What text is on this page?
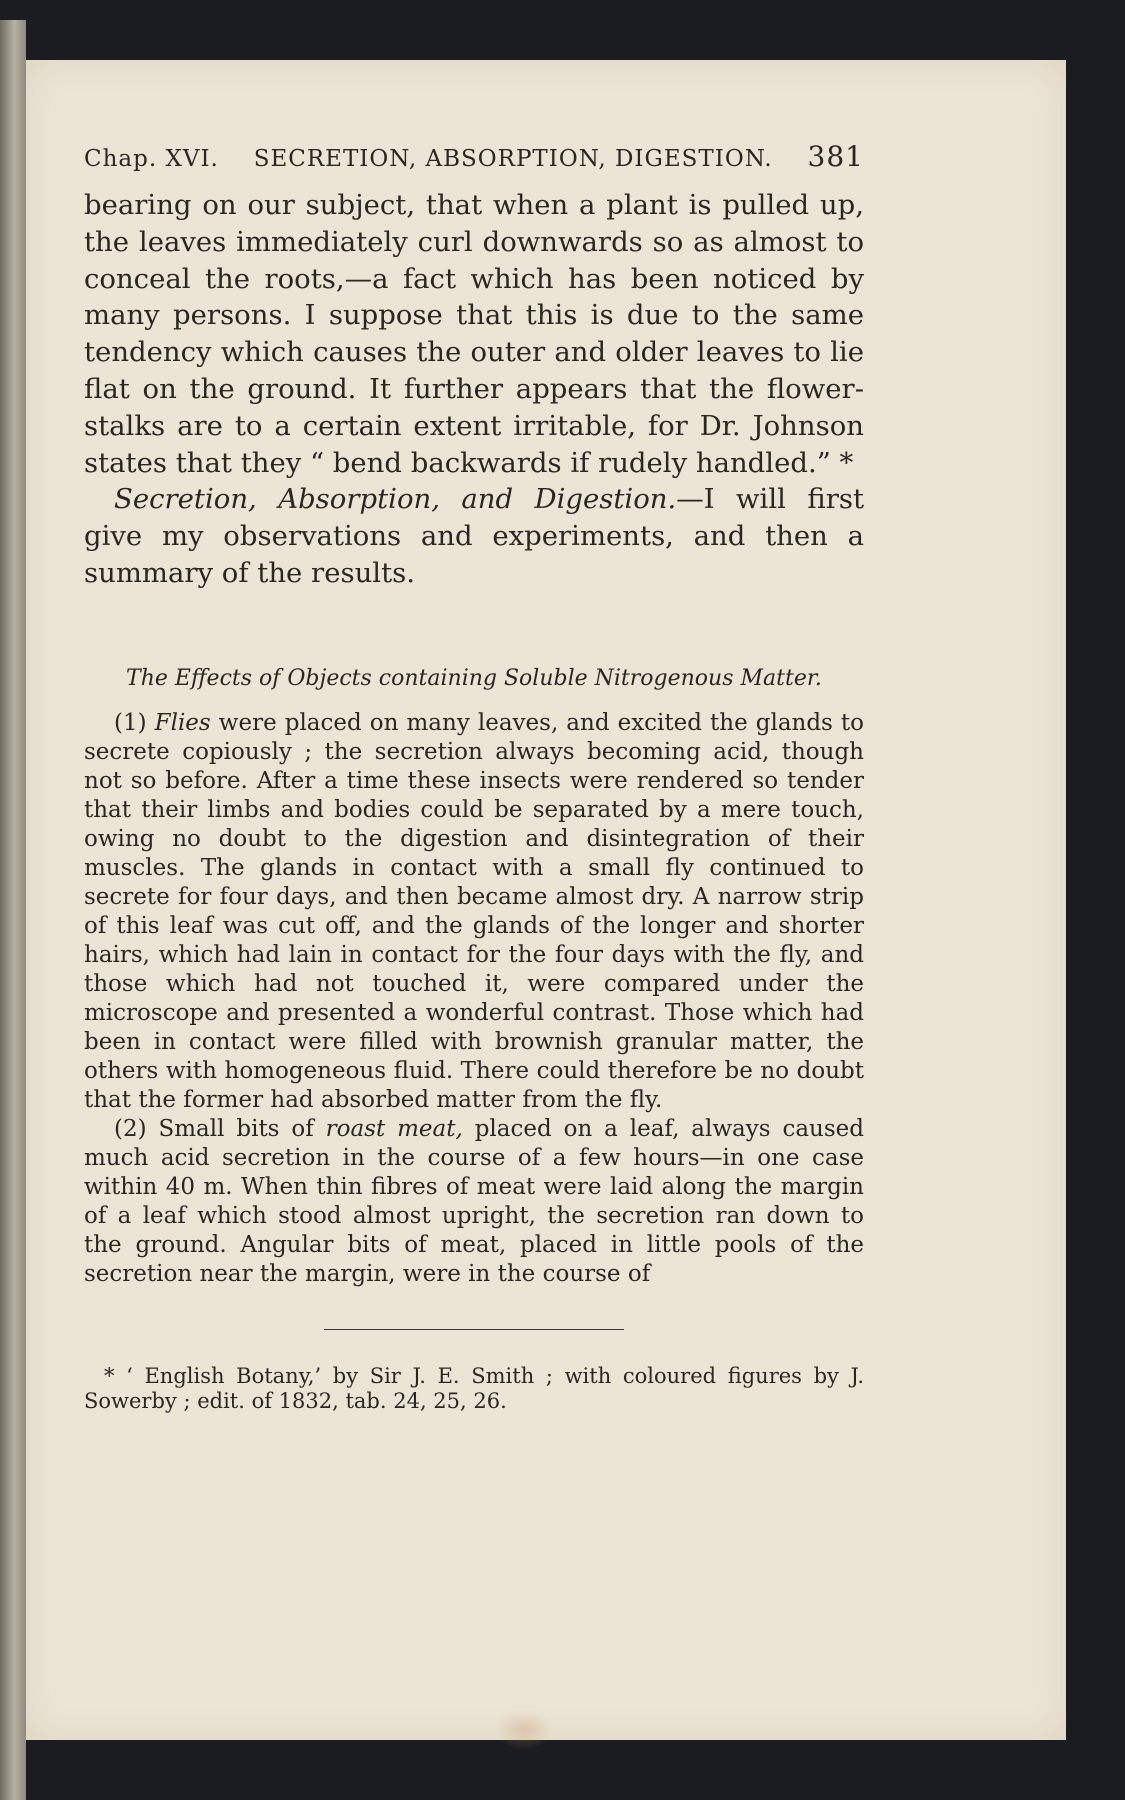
Chap. XVI. SECRETION, ABSORPTION, DIGESTION. 381

bearing on our subject, that when a plant is pulled up, the leaves immediately curl downwards so as almost to conceal the roots,—a fact which has been noticed by many persons. I suppose that this is due to the same tendency which causes the outer and older leaves to lie flat on the ground. It further appears that the flower-stalks are to a certain extent irritable, for Dr. Johnson states that they “ bend backwards if rudely handled.” *

Secretion, Absorption, and Digestion.—I will first give my observations and experiments, and then a summary of the results.

The Effects of Objects containing Soluble Nitrogenous Matter.

(1) Flies were placed on many leaves, and excited the glands to secrete copiously ; the secretion always becoming acid, though not so before. After a time these insects were rendered so tender that their limbs and bodies could be separated by a mere touch, owing no doubt to the digestion and disintegration of their muscles. The glands in contact with a small fly continued to secrete for four days, and then became almost dry. A narrow strip of this leaf was cut off, and the glands of the longer and shorter hairs, which had lain in contact for the four days with the fly, and those which had not touched it, were compared under the microscope and presented a wonderful contrast. Those which had been in contact were filled with brownish granular matter, the others with homogeneous fluid. There could therefore be no doubt that the former had absorbed matter from the fly.

(2) Small bits of roast meat, placed on a leaf, always caused much acid secretion in the course of a few hours—in one case within 40 m. When thin fibres of meat were laid along the margin of a leaf which stood almost upright, the secretion ran down to the ground. Angular bits of meat, placed in little pools of the secretion near the margin, were in the course of

* ‘ English Botany,’ by Sir J. E. Smith ; with coloured figures by J. Sowerby ; edit. of 1832, tab. 24, 25, 26.
